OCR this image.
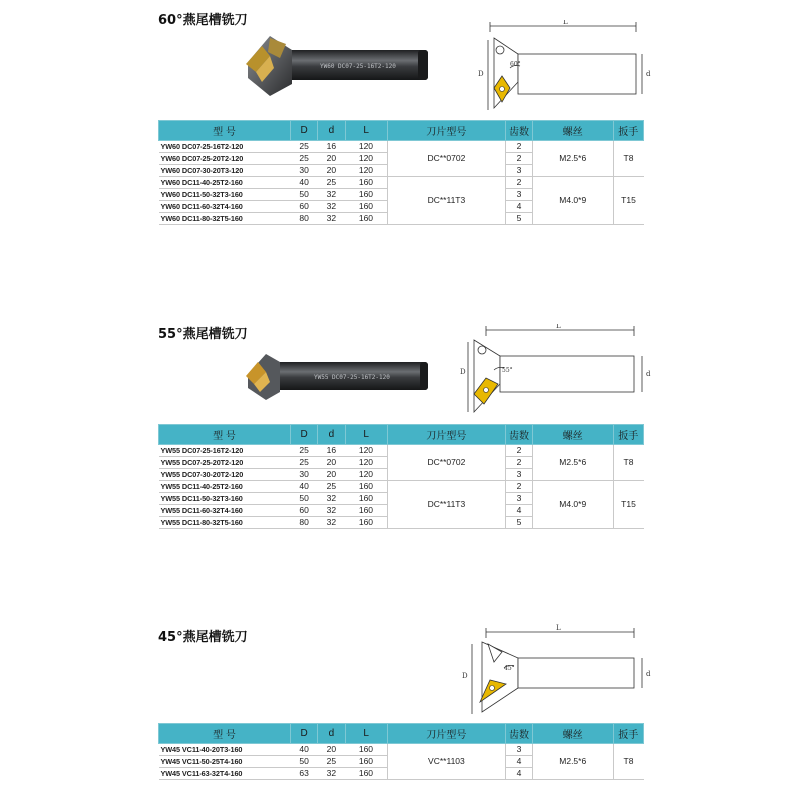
60°燕尾槽铣刀
YW60 DC07-25-16T2-120
L
D	d
60°
型 号	D	d	L	刀片型号	齿数	螺丝	扳手
YW60 DC07-25-16T2-120	25	16	120	DC**0702	2	M2.5*6	T8
YW60 DC07-25-20T2-120	25	20	120		2		
YW60 DC07-30-20T3-120	30	20	120		3		
YW60 DC11-40-25T2-160	40	25	160	DC**11T3	2	M4.0*9	T15
YW60 DC11-50-32T3-160	50	32	160		3		
YW60 DC11-60-32T4-160	60	32	160		4		
YW60 DC11-80-32T5-160	80	32	160		5		
55°燕尾槽铣刀
YW55 DC07-25-16T2-120
L
D	d
55°
型 号	D	d	L	刀片型号	齿数	螺丝	扳手
YW55 DC07-25-16T2-120	25	16	120	DC**0702	2	M2.5*6	T8
YW55 DC07-25-20T2-120	25	20	120		2		
YW55 DC07-30-20T2-120	30	20	120		3		
YW55 DC11-40-25T2-160	40	25	160	DC**11T3	2	M4.0*9	T15
YW55 DC11-50-32T3-160	50	32	160		3		
YW55 DC11-60-32T4-160	60	32	160		4		
YW55 DC11-80-32T5-160	80	32	160		5		
45°燕尾槽铣刀
L
D	d
45°
型 号	D	d	L	刀片型号	齿数	螺丝	扳手
YW45 VC11-40-20T3-160	40	20	160	VC**1103	3	M2.5*6	T8
YW45 VC11-50-25T4-160	50	25	160		4		
YW45 VC11-63-32T4-160	63	32	160		4		
